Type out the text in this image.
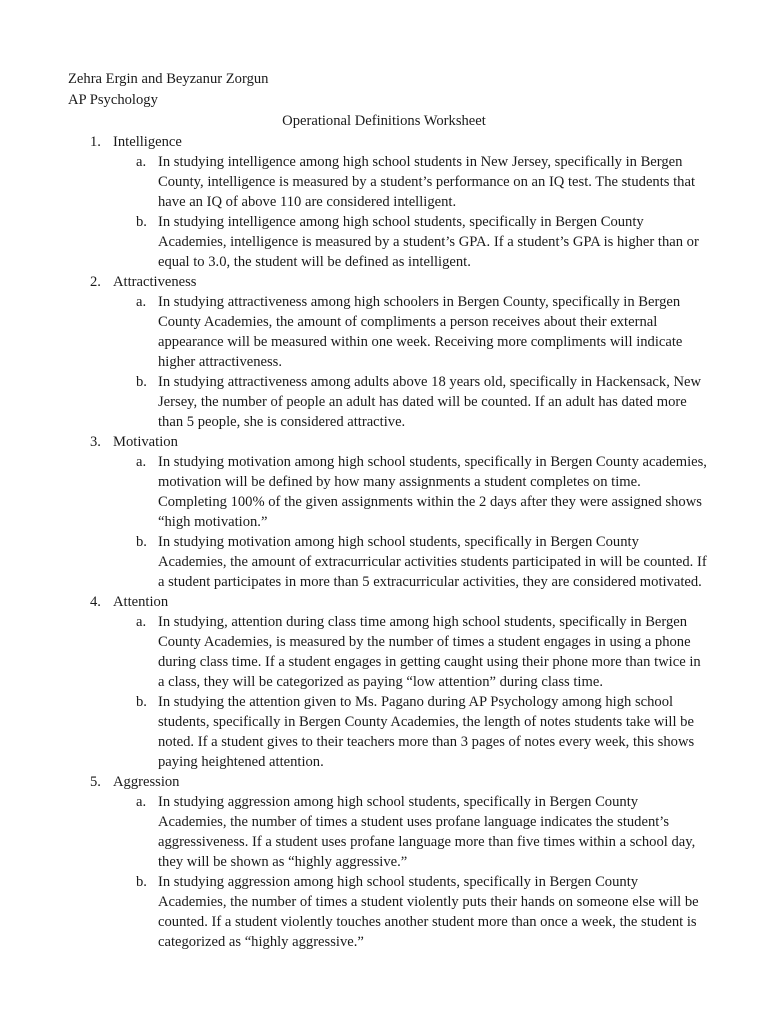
Zehra Ergin and Beyzanur Zorgun
AP Psychology
Operational Definitions Worksheet
1. Intelligence
a. In studying intelligence among high school students in New Jersey, specifically in Bergen County, intelligence is measured by a student’s performance on an IQ test. The students that have an IQ of above 110 are considered intelligent.
b. In studying intelligence among high school students, specifically in Bergen County Academies, intelligence is measured by a student’s GPA. If a student’s GPA is higher than or equal to 3.0, the student will be defined as intelligent.
2. Attractiveness
a. In studying attractiveness among high schoolers in Bergen County, specifically in Bergen County Academies, the amount of compliments a person receives about their external appearance will be measured within one week. Receiving more compliments will indicate higher attractiveness.
b. In studying attractiveness among adults above 18 years old, specifically in Hackensack, New Jersey, the number of people an adult has dated will be counted. If an adult has dated more than 5 people, she is considered attractive.
3. Motivation
a. In studying motivation among high school students, specifically in Bergen County academies, motivation will be defined by how many assignments a student completes on time. Completing 100% of the given assignments within the 2 days after they were assigned shows “high motivation.”
b. In studying motivation among high school students, specifically in Bergen County Academies, the amount of extracurricular activities students participated in will be counted. If a student participates in more than 5 extracurricular activities, they are considered motivated.
4. Attention
a. In studying, attention during class time among high school students, specifically in Bergen County Academies, is measured by the number of times a student engages in using a phone during class time. If a student engages in getting caught using their phone more than twice in a class, they will be categorized as paying “low attention” during class time.
b. In studying the attention given to Ms. Pagano during AP Psychology among high school students, specifically in Bergen County Academies, the length of notes students take will be noted. If a student gives to their teachers more than 3 pages of notes every week, this shows paying heightened attention.
5. Aggression
a. In studying aggression among high school students, specifically in Bergen County Academies, the number of times a student uses profane language indicates the student’s aggressiveness. If a student uses profane language more than five times within a school day, they will be shown as “highly aggressive.”
b. In studying aggression among high school students, specifically in Bergen County Academies, the number of times a student violently puts their hands on someone else will be counted. If a student violently touches another student more than once a week, the student is categorized as “highly aggressive.”
